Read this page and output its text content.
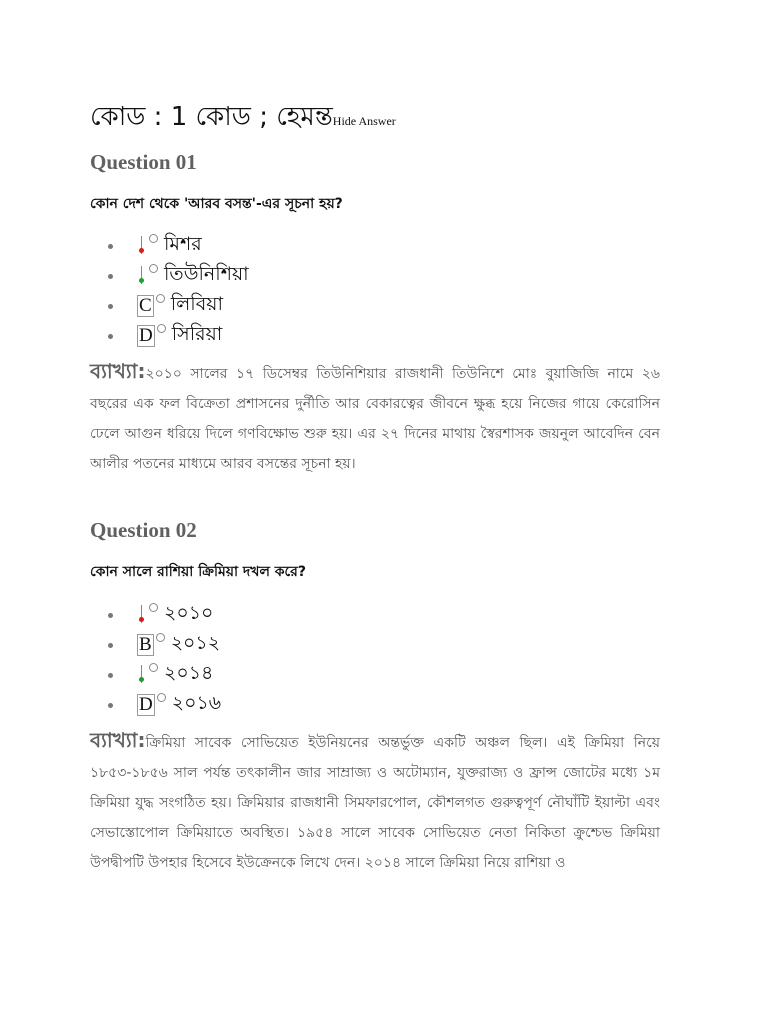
কোড : 1 কোড ; হেমন্তHide Answer
Question 01
কোন দেশ থেকে 'আরব বসন্ত'-এর সূচনা হয়?
মিশর
তিউনিশিয়া
C লিবিয়া
D সিরিয়া
ব্যাখ্যা:২০১০ সালের ১৭ ডিসেম্বর তিউনিশিয়ার রাজধানী তিউনিশে মোঃ বুয়াজিজি নামে ২৬ বছরের এক ফল বিক্রেতা প্রশাসনের দুর্নীতি আর বেকারত্বের জীবনে ক্ষুব্ধ হয়ে নিজের গায়ে কেরোসিন ঢেলে আগুন ধরিয়ে দিলে গণবিক্ষোভ শুরু হয়। এর ২৭ দিনের মাথায় স্বৈরশাসক জয়নুল আবেদিন বেন আলীর পতনের মাধ্যমে আরব বসন্তের সূচনা হয়।
Question 02
কোন সালে রাশিয়া ক্রিমিয়া দখল করে?
২০১০
B ২০১২
২০১৪
D ২০১৬
ব্যাখ্যা:ক্রিমিয়া সাবেক সোভিয়েত ইউনিয়নের অন্তর্ভুক্ত একটি অঞ্চল ছিল। এই ক্রিমিয়া নিয়ে ১৮৫৩-১৮৫৬ সাল পর্যন্ত তৎকালীন জার সাম্রাজ্য ও অটোম্যান, যুক্তরাজ্য ও ফ্রান্স জোটের মধ্যে ১ম ক্রিমিয়া যুদ্ধ সংগঠিত হয়। ক্রিমিয়ার রাজধানী সিমফারপোল, কৌশলগত গুরুত্বপূর্ণ নৌঘাঁটি ইয়াল্টা এবং সেভাস্তোপোল ক্রিমিয়াতে অবস্থিত। ১৯৫৪ সালে সাবেক সোভিয়েত নেতা নিকিতা ক্রুশ্চেভ ক্রিমিয়া উপদ্বীপটি উপহার হিসেবে ইউক্রেনকে লিখে দেন। ২০১৪ সালে ক্রিমিয়া নিয়ে রাশিয়া ও
